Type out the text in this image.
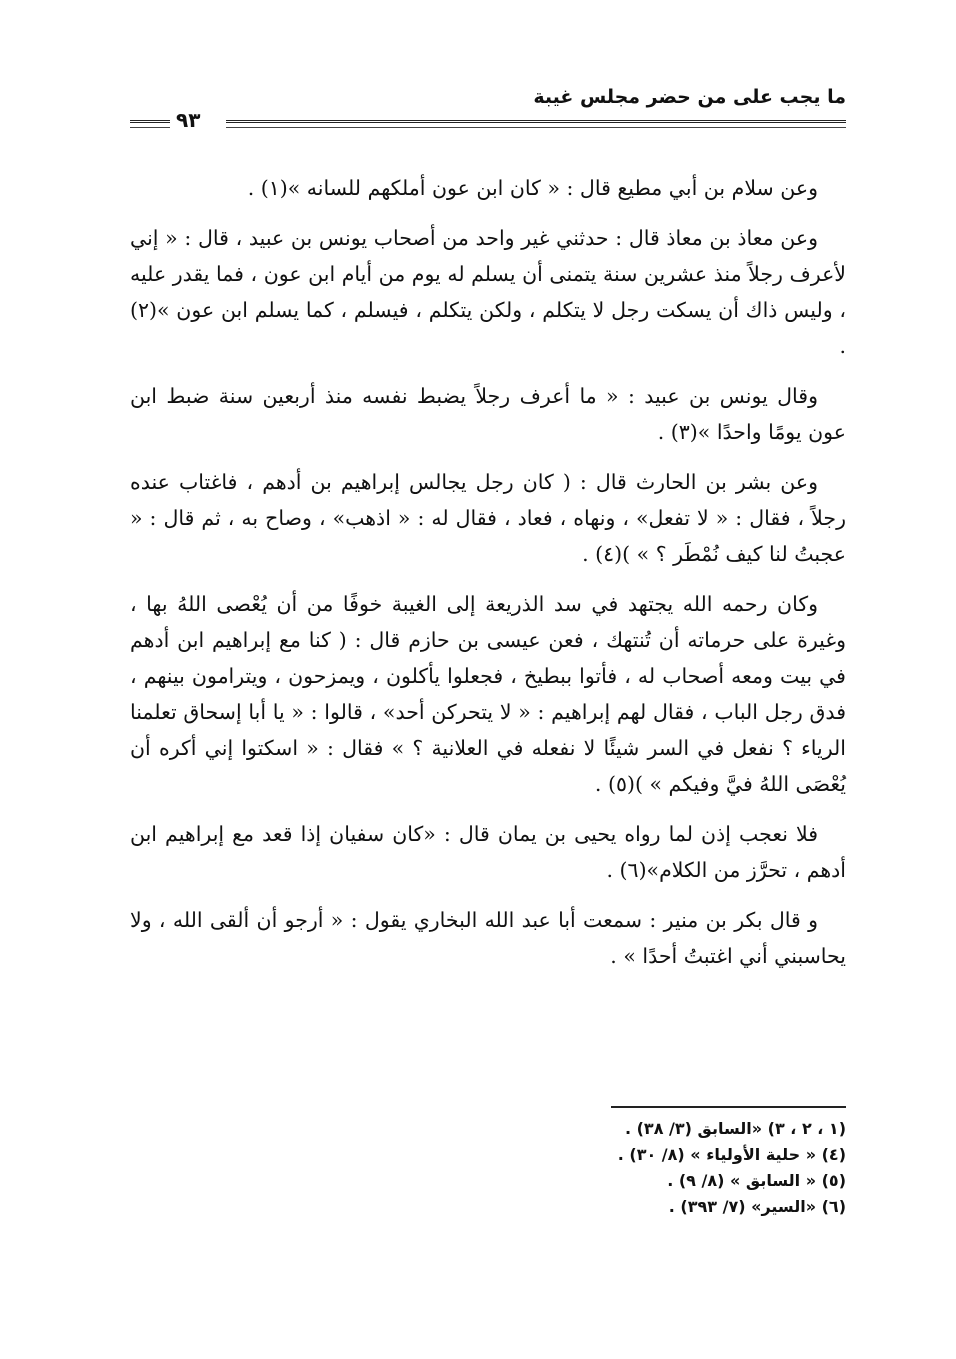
ما يجب على من حضر مجلس غيبة
٩٣

وعن سلام بن أبي مطيع قال : « كان ابن عون أملكهم للسانه »(١) .

وعن معاذ بن معاذ قال : حدثني غير واحد من أصحاب يونس بن عبيد ، قال : « إني لأعرف رجلاً منذ عشرين سنة يتمنى أن يسلم له يوم من أيام ابن عون ، فما يقدر عليه ، وليس ذاك أن يسكت رجل لا يتكلم ، ولكن يتكلم ، فيسلم ، كما يسلم ابن عون »(٢) .

وقال يونس بن عبيد : « ما أعرف رجلاً يضبط نفسه منذ أربعين سنة ضبط ابن عون يومًا واحدًا »(٣) .

وعن بشر بن الحارث قال : ( كان رجل يجالس إبراهيم بن أدهم ، فاغتاب عنده رجلاً ، فقال : « لا تفعل» ، ونهاه ، فعاد ، فقال له : « اذهب» ، وصاح به ، ثم قال : « عجبتُ لنا كيف نُمْطَر ؟ » )(٤) .

وكان رحمه الله يجتهد في سد الذريعة إلى الغيبة خوفًا من أن يُعْصى اللهُ بها ، وغيرة على حرماته أن تُنتهك ، فعن عيسى بن حازم قال : ( كنا مع إبراهيم ابن أدهم في بيت ومعه أصحاب له ، فأتوا ببطيخ ، فجعلوا يأكلون ، ويمزحون ، ويترامون بينهم ، فدق رجل الباب ، فقال لهم إبراهيم : « لا يتحركن أحد» ، قالوا : « يا أبا إسحاق تعلمنا الرياء ؟ نفعل في السر شيئًا لا نفعله في العلانية ؟ » فقال : « اسكتوا إني أكره أن يُعْصَى اللهُ فيَّ وفيكم » )(٥) .

فلا نعجب إذن لما رواه يحيى بن يمان قال : «كان سفيان إذا قعد مع إبراهيم ابن أدهم ، تحرَّز من الكلام»(٦) .

و قال بكر بن منير : سمعت أبا عبد الله البخاري يقول : « أرجو أن ألقى الله ، ولا يحاسبني أني اغتبتُ أحدًا » .

(١ ، ٢ ، ٣) «السابق (٣/ ٣٨) .
(٤) « حلية الأولياء » (٨/ ٣٠) .
(٥) « السابق » (٨/ ٩) .
(٦) «السير» (٧/ ٣٩٣) .
